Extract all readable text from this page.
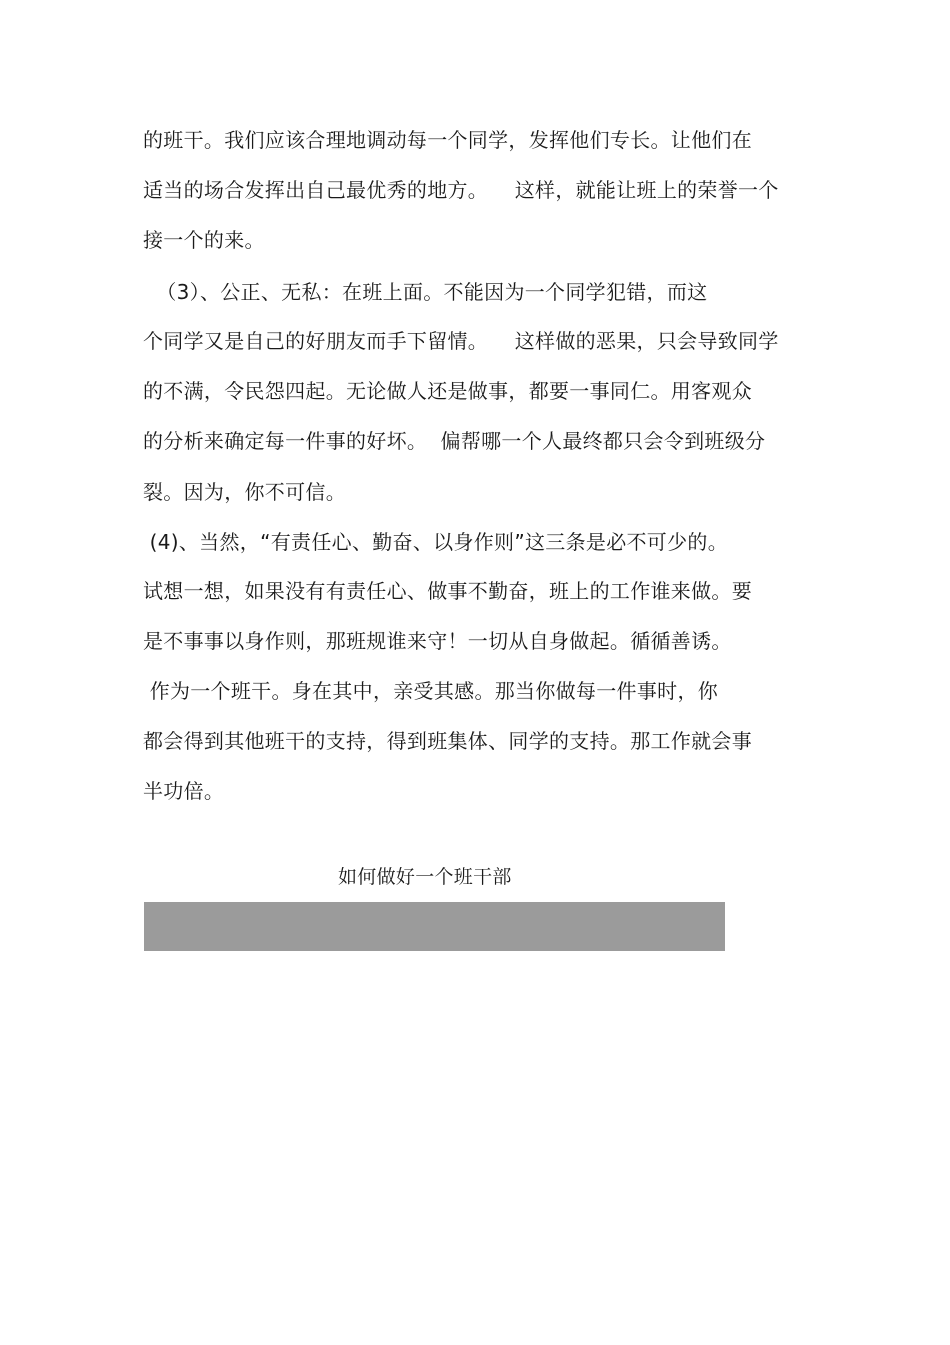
的班干。我们应该合理地调动每一个同学，发挥他们专长。让他们在
适当的场合发挥出自己最优秀的地方。    这样，就能让班上的荣誉一个
接一个的来。
（3）、公正、无私：在班上面。不能因为一个同学犯错，而这
个同学又是自己的好朋友而手下留情。    这样做的恶果，只会导致同学
的不满，令民怨四起。无论做人还是做事，都要一事同仁。用客观众
的分析来确定每一件事的好坏。  偏帮哪一个人最终都只会令到班级分
裂。因为，你不可信。
(4)、当然，“有责任心、勤奋、以身作则”这三条是必不可少的。
试想一想，如果没有有责任心、做事不勤奋，班上的工作谁来做。要
是不事事以身作则，那班规谁来守！一切从自身做起。循循善诱。
作为一个班干。身在其中，亲受其感。那当你做每一件事时，你
都会得到其他班干的支持，得到班集体、同学的支持。那工作就会事
半功倍。
如何做好一个班干部
